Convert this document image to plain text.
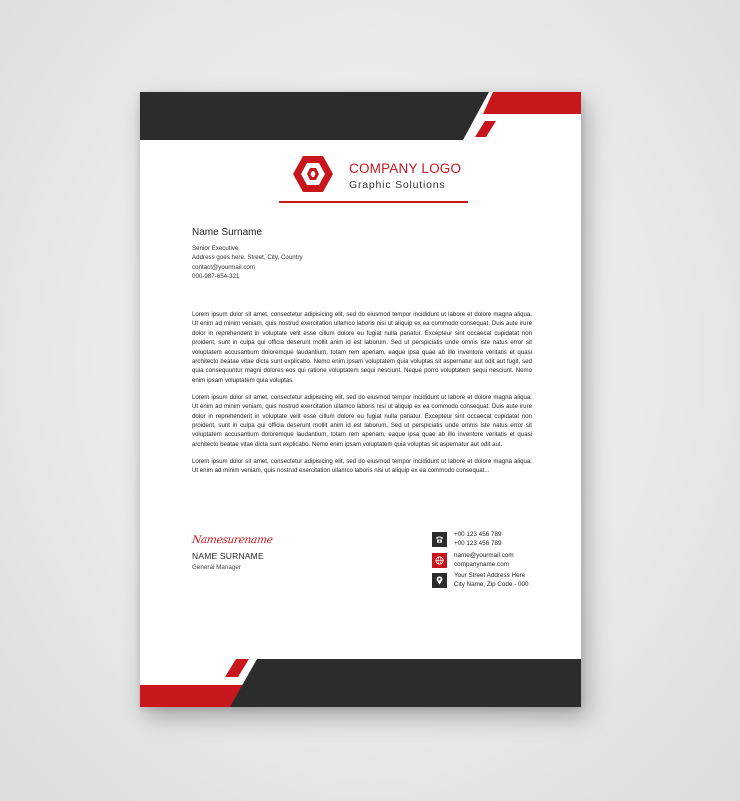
COMPANY LOGO
Graphic Solutions
Name Surname
Senior Executive
Address goes here. Street, City, Country
contact@yourmail.com
000-987-654-321

Lorem ipsum dolor sit amet, consectetur adipisicing elit, sed do eiusmod tempor incididunt ut labore et dolore magna aliqua. Ut enim ad minim veniam, quis nostrud exercitation ullamco laboris nisi ut aliquip ex ea commodo consequat. Duis aute irure dolor in reprehenderit in voluptate velit esse cillum dolore eu fugiat nulla pariatur. Excepteur sint occaecat cupidatat non proident, sunt in culpa qui officia deserunt mollit anim id est laborum. Sed ut perspiciatis unde omnis iste natus error sit voluptatem accusantium doloremque laudantium, totam rem aperiam, eaque ipsa quae ab illo inventore veritatis et quasi architecto beatae vitae dicta sunt explicabo. Nemo enim ipsam voluptatem quia voluptas sit aspernatur aut odit aut fugit, sed quia consequuntur magni dolores eos qui ratione voluptatem sequi nesciunt. Neque porro voluptatem sequi nesciunt. Nemo enim ipsam voluptatem quia voluptas.

Lorem ipsum dolor sit amet, consectetur adipisicing elit, sed do eiusmod tempor incididunt ut labore et dolore magna aliqua. Ut enim ad minim veniam, quis nostrud exercitation ullamco laboris nisi ut aliquip ex ea commodo consequat. Duis aute irure dolor in reprehenderit in voluptate velit esse cillum dolore eu fugiat nulla pariatur. Excepteur sint occaecat cupidatat non proident, sunt in culpa qui officia deserunt mollit anim id est laborum. Sed ut perspiciatis unde omnis iste natus error sit voluptatem accusantium doloremque laudantium, totam rem aperiam, eaque ipsa quae ab illo inventore veritatis et quasi architecto beatae vitae dicta sunt explicabo. Nemo enim ipsam voluptatem quia voluptas sit aspernatur aut odit aut.

Lorem ipsum dolor sit amet, consectetur adipisicing elit, sed do eiusmod tempor incididunt ut labore et dolore magna aliqua. Ut enim ad minim veniam, quis nostrud exercitation ullamco laboris nisi ut aliquip ex ea commodo consequat...

Namesurename
NAME SURNAME
General Manager
+00 123 456 789
+00 123 456 789
name@yourmail.com
companyname.com
Your Street Address Here
City Name, Zip Code - 000
